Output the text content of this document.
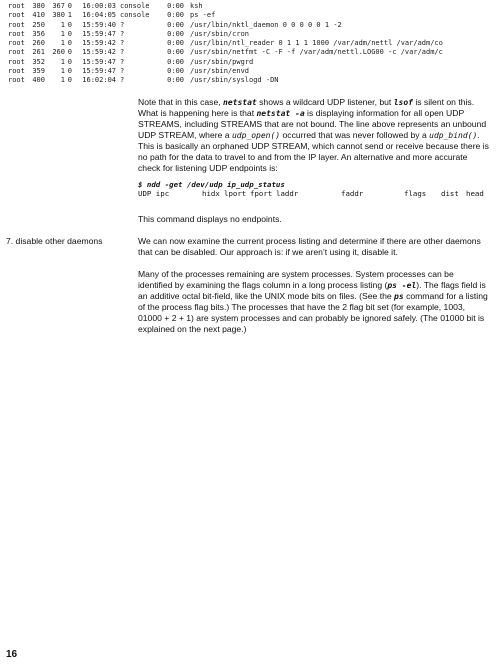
root 380 367 0 16:00:03 console	0:00 ksh
root 410 380 1 16:04:05 console	0:00 ps -ef
root 250 1 0 15:59:40 ?	0:00 /usr/lbin/nktl_daemon 0 0 0 0 0 1 -2
root 356 1 0 15:59:47 ?	0:00 /usr/sbin/cron
root 260 1 0 15:59:42 ?	0:00 /usr/lbin/ntl_reader 0 1 1 1 1000 /var/adm/nettl /var/adm/co
root 261 260 0 15:59:42 ?	0:00 /usr/sbin/netfmt -C -F -f /var/adm/nettl.LOG00 -c /var/adm/c
root 352 1 0 15:59:47 ?	0:00 /usr/sbin/pwgrd
root 359 1 0 15:59:47 ?	0:00 /usr/sbin/envd
root 400 1 0 16:02:04 ?	0:00 /usr/sbin/syslogd -DN

Note that in this case, netstat shows a wildcard UDP listener, but lsof is silent on this. What is happening here is that netstat -a is displaying information for all open UDP STREAMS, including STREAMS that are not bound. The line above represents an unbound UDP STREAM, where a udp_open() occurred that was never followed by a udp_bind(). This is basically an orphaned UDP STREAM, which cannot send or receive because there is no path for the data to travel to and from the IP layer. An alternative and more accurate check for listening UDP endpoints is:

$ ndd -get /dev/udp ip_udp_status
UDP ipc	hidx lport fport laddr	faddr	flags dist head

This command displays no endpoints.

7. disable other daemons	We can now examine the current process listing and determine if there are other daemons that can be disabled. Our approach is: if we aren’t using it, disable it.

Many of the processes remaining are system processes. System processes can be identified by examining the flags column in a long process listing (ps -el). The flags field is an additive octal bit-field, like the UNIX mode bits on files. (See the ps command for a listing of the process flag bits.) The processes that have the 2 flag bit set (for example, 1003, 01000 + 2 + 1) are system processes and can probably be ignored safely. (The 01000 bit is explained on the next page.)

16
